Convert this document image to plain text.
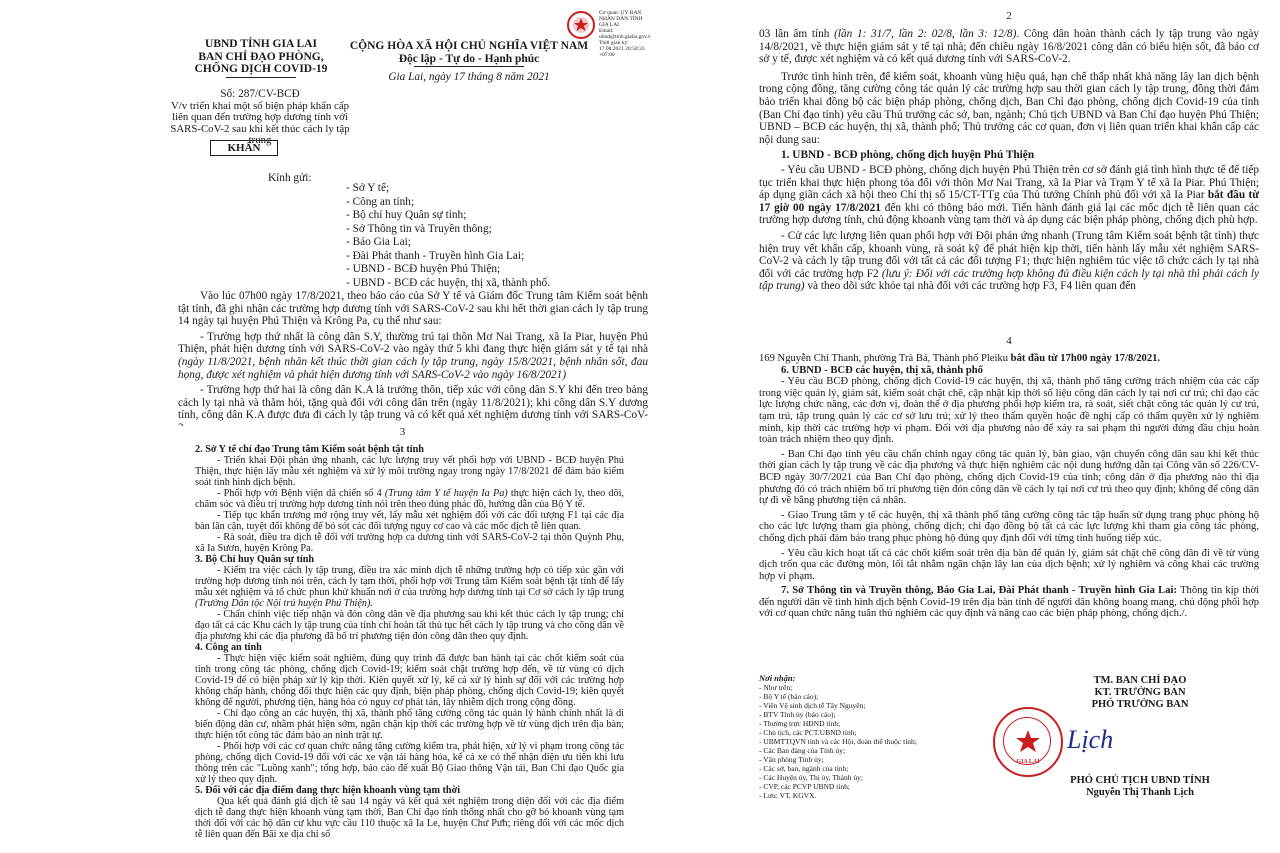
UBND TỈNH GIA LAI
BAN CHỈ ĐẠO PHÒNG,
CHỐNG DỊCH COVID-19
Số: 287/CV-BCĐ
V/v triển khai một số biện pháp khẩn cấp liên quan đến trường hợp dương tính với SARS-CoV-2 sau khi kết thúc cách ly tập trung
KHẨN
CỘNG HÒA XÃ HỘI CHỦ NGHĨA VIỆT NAM
Độc lập - Tự do - Hạnh phúc
Gia Lai, ngày 17 tháng 8 năm 2021
Cơ quan: UY BAN
NHÂN DÂN TỈNH
GIA LAI
Email:
ubnd@tinh.gialai.gov.v
Thời gian ký:
17.08.2021 20:50:33
+07:00
Kính gửi:
- Sở Y tế;
- Công an tỉnh;
- Bộ chỉ huy Quân sự tỉnh;
- Sở Thông tin và Truyền thông;
- Báo Gia Lai;
- Đài Phát thanh - Truyền hình Gia Lai;
- UBND - BCĐ huyện Phú Thiện;
- UBND - BCĐ các huyện, thị xã, thành phố.

Vào lúc 07h00 ngày 17/8/2021, theo báo cáo của Sở Y tế và Giám đốc Trung tâm Kiểm soát bệnh tật tỉnh, đã ghi nhận các trường hợp dương tính với SARS-CoV-2 sau khi hết thời gian cách ly tập trung 14 ngày tại huyện Phú Thiện và Krông Pa, cụ thể như sau:

- Trường hợp thứ nhất là công dân S.Y, thường trú tại thôn Mơ Nai Trang, xã Ia Piar, huyện Phú Thiện, phát hiện dương tính với SARS-CoV-2 vào ngày thứ 5 khi đang thực hiện giám sát y tế tại nhà (ngày 11/8/2021, bệnh nhân kết thúc thời gian cách ly tập trung, ngày 15/8/2021, bệnh nhân sốt, đau họng, được xét nghiệm và phát hiện dương tính với SARS-CoV-2 vào ngày 16/8/2021)

- Trường hợp thứ hai là công dân K.A là trưởng thôn, tiếp xúc với công dân S.Y khi đến treo bảng cách ly tại nhà và thăm hỏi, tặng quà đối với công dân trên (ngày 11/8/2021); khi công dân S.Y dương tính, công dân K.A được đưa đi cách ly tập trung và có kết quả xét nghiệm dương tính với SARS-CoV-

2

03 lần âm tính (lần 1: 31/7, lần 2: 02/8, lần 3: 12/8). Công dân hoàn thành cách ly tập trung vào ngày 14/8/2021, về thực hiện giám sát y tế tại nhà; đến chiều ngày 16/8/2021 công dân có biểu hiện sốt, đã báo cơ sở y tế, được xét nghiệm và có kết quả dương tính với SARS-CoV-2.

Trước tình hình trên, để kiểm soát, khoanh vùng hiệu quả, hạn chế thấp nhất khả năng lây lan dịch bệnh trong cộng đồng, tăng cường công tác quản lý các trường hợp sau thời gian cách ly tập trung, đồng thời đảm bảo triển khai đồng bộ các biện pháp phòng, chống dịch, Ban Chỉ đạo phòng, chống dịch Covid-19 của tỉnh (Ban Chỉ đạo tỉnh) yêu cầu Thủ trưởng các sở, ban, ngành; Chủ tịch UBND và Ban Chỉ đạo huyện Phú Thiện; UBND – BCĐ các huyện, thị xã, thành phố; Thủ trưởng các cơ quan, đơn vị liên quan triển khai khẩn cấp các nội dung sau:

1. UBND - BCĐ phòng, chống dịch huyện Phú Thiện

- Yêu cầu UBND - BCĐ phòng, chống dịch huyện Phú Thiện trên cơ sở đánh giá tình hình thực tế để tiếp tục triển khai thực hiện phong tỏa đối với thôn Mơ Nai Trang, xã Ia Piar và Trạm Y tế xã Ia Piar. Phú Thiện; áp dụng giãn cách xã hội theo Chỉ thị số 15/CT-TTg của Thủ tướng Chính phủ đối với xã Ia Piar bắt đầu từ 17 giờ 00 ngày 17/8/2021 đến khi có thông báo mới. Tiến hành đánh giá lại các mốc dịch tễ liên quan các trường hợp dương tính, chủ động khoanh vùng tạm thời và áp dụng các biện pháp phòng, chống dịch phù hợp.

- Cử các lực lượng liên quan phối hợp với Đội phản ứng nhanh (Trung tâm Kiểm soát bệnh tật tỉnh) thực hiện truy vết khẩn cấp, khoanh vùng, rà soát kỹ để phát hiện kịp thời, tiến hành lấy mẫu xét nghiệm SARS-CoV-2 và cách ly tập trung đối với tất cả các đối tượng F1; thực hiện nghiêm túc việc tổ chức cách ly tại nhà đối với các trường hợp F2 (lưu ý: Đối với các trường hợp không đủ điều kiện cách ly tại nhà thì phải cách ly tập trung) và theo dõi sức khỏe tại nhà đối với các trường hợp F3, F4 liên quan đến

3

2. Sở Y tế chỉ đạo Trung tâm Kiểm soát bệnh tật tỉnh

- Triển khai Đội phản ứng nhanh, các lực lượng truy vết phối hợp với UBND - BCĐ huyện Phú Thiện, thực hiện lấy mẫu xét nghiệm và xử lý môi trường ngay trong ngày 17/8/2021 để đảm bảo kiểm soát tình hình dịch bệnh.

- Phối hợp với Bệnh viện dã chiến số 4 (Trung tâm Y tế huyện Ia Pa) thực hiện cách ly, theo dõi, chăm sóc và điều trị trường hợp dương tính nói trên theo đúng phác đồ, hướng dẫn của Bộ Y tế.

- Tiếp tục khẩn trương mở rộng truy vết, lấy mẫu xét nghiệm đối với các đối tượng F1 tại các địa bàn lân cận, tuyệt đối không để bỏ sót các đối tượng nguy cơ cao và các mốc dịch tễ liên quan.

- Rà soát, điều tra dịch tễ đối với trường hợp ca dương tính với SARS-CoV-2 tại thôn Quỳnh Phụ, xã Ia Sươn, huyện Krông Pa.

3. Bộ Chỉ huy Quân sự tỉnh

- Kiểm tra việc cách ly tập trung, điều tra xác minh dịch tễ những trường hợp có tiếp xúc gần với trường hợp dương tính nói trên, cách ly tạm thời, phối hợp với Trung tâm Kiểm soát bệnh tật tỉnh để lấy mẫu xét nghiệm và tổ chức phun khử khuẩn nơi ở của trường hợp dương tính tại Cơ sở cách ly tập trung (Trường Dân tộc Nội trú huyện Phú Thiện).

- Chấn chỉnh việc tiếp nhận và đón công dân về địa phương sau khi kết thúc cách ly tập trung; chỉ đạo tất cả các Khu cách ly tập trung của tỉnh chỉ hoàn tất thủ tục hết cách ly tập trung và cho công dân về địa phương khi các địa phương đã bố trí phương tiện đón công dân theo quy định.

4. Công an tỉnh

- Thực hiện việc kiểm soát nghiêm, đúng quy trình đã được ban hành tại các chốt kiểm soát của tỉnh trong công tác phòng, chống dịch Covid-19; kiểm soát chặt trường hợp đến, về từ vùng có dịch Covid-19 để có biện pháp xử lý kịp thời. Kiên quyết xử lý, kể cả xử lý hình sự đối với các trường hợp không chấp hành, chống đối thực hiện các quy định, biện pháp phòng, chống dịch Covid-19; kiên quyết không để người, phương tiện, hàng hóa có nguy cơ phát tán, lây nhiễm dịch trong cộng đồng.

- Chỉ đạo công an các huyện, thị xã, thành phố tăng cường công tác quản lý hành chính nhất là di biến động dân cư, nhằm phát hiện sớm, ngăn chặn kịp thời các trường hợp về từ vùng dịch trên địa bàn; thực hiện tốt công tác đảm bảo an ninh trật tự.

- Phối hợp với các cơ quan chức năng tăng cường kiểm tra, phát hiện, xử lý vi phạm trong công tác phòng, chống dịch Covid-19 đối với các xe vận tải hàng hóa, kể cả xe có thể nhận diện ưu tiên khi lưu thông trên các "Luồng xanh"; tổng hợp, báo cáo để xuất Bộ Giao thông Vận tải, Ban Chỉ đạo Quốc gia xử lý theo quy định.

5. Đối với các địa điểm đang thực hiện khoanh vùng tạm thời

Qua kết quả đánh giá dịch tễ sau 14 ngày và kết quả xét nghiệm trong diện đối với các địa điểm dịch tễ đang thực hiện khoanh vùng tạm thời, Ban Chỉ đạo tỉnh thống nhất cho gỡ bỏ khoanh vùng tạm thời đối với các hộ dân cư khu vực cầu 110 thuộc xã Ia Le, huyện Chư Pưh; riêng đối với các mốc dịch tễ liên quan đến Bãi xe địa chỉ số

4

169 Nguyễn Chí Thanh, phường Trà Bá, Thành phố Pleiku bắt đầu từ 17h00 ngày 17/8/2021.

6. UBND - BCĐ các huyện, thị xã, thành phố

- Yêu cầu BCĐ phòng, chống dịch Covid-19 các huyện, thị xã, thành phố tăng cường trách nhiệm của các cấp trong việc quản lý, giám sát, kiểm soát chặt chẽ, cập nhật kịp thời số liệu công dân cách ly tại nơi cư trú; chỉ đạo các lực lượng chức năng, các đơn vị, đoàn thể ở địa phương phối hợp kiểm tra, rà soát, siết chặt công tác quản lý cư trú, tạm trú, tập trung quản lý các cơ sở lưu trú; xử lý theo thẩm quyền hoặc đề nghị cấp có thẩm quyền xử lý nghiêm minh, kịp thời các trường hợp vi phạm. Đối với địa phương nào để xảy ra sai phạm thì người đứng đầu chịu hoàn toàn trách nhiệm theo quy định.

- Ban Chỉ đạo tỉnh yêu cầu chấn chỉnh ngay công tác quản lý, bàn giao, vận chuyển công dân sau khi kết thúc thời gian cách ly tập trung về các địa phương và thực hiện nghiêm các nội dung hướng dẫn tại Công văn số 226/CV-BCĐ ngày 30/7/2021 của Ban Chỉ đạo phòng, chống dịch Covid-19 của tỉnh; công dân ở địa phương nào thì địa phương đó có trách nhiệm bố trí phương tiện đón công dân về cách ly tại nơi cư trú theo quy định; không để công dân tự đi về bằng phương tiện cá nhân.

- Giao Trung tâm y tế các huyện, thị xã thành phố tăng cường công tác tập huấn sử dụng trang phục phòng hộ cho các lực lượng tham gia phòng, chống dịch; chỉ đạo đồng bộ tất cả các lực lượng khi tham gia công tác phòng, chống dịch phải đảm bảo trang phục phòng hộ đúng quy định đối với từng tình huống tiếp xúc.

- Yêu cầu kích hoạt tất cả các chốt kiểm soát trên địa bàn để quản lý, giám sát chặt chẽ công dân đi về từ vùng dịch trốn qua các đường mòn, lối tắt nhằm ngăn chặn lây lan của dịch bệnh; xử lý nghiêm và công khai các trường hợp vi phạm.

7. Sở Thông tin và Truyền thông, Báo Gia Lai, Đài Phát thanh - Truyền hình Gia Lai: Thông tin kịp thời đến người dân về tình hình dịch bệnh Covid-19 trên địa bàn tỉnh để người dân không hoang mang, chủ động phối hợp với cơ quan chức năng tuân thủ nghiêm các quy định và nâng cao các biện pháp phòng, chống dịch./.

Nơi nhận:
- Như trên;
- Bộ Y tế (báo cáo);
- Viện Vệ sinh dịch tễ Tây Nguyên;
- BTV Tỉnh ủy (báo cáo);
- Thường trực HĐND tỉnh;
- Chủ tịch, các PCT.UBND tỉnh;
- UBMTTQVN tỉnh và các Hội, đoàn thể thuộc tỉnh;
- Các Ban đảng của Tỉnh ủy;
- Văn phòng Tỉnh ủy;
- Các sở, ban, ngành của tỉnh;
- Các Huyện ủy, Thị ủy, Thành ủy;
- CVP, các PCVP UBND tỉnh;
- Lưu: VT, KGVX.
TM. BAN CHỈ ĐẠO
KT. TRƯỞNG BAN
PHÓ TRƯỞNG BAN
GIA LAI
Lịch
PHÓ CHỦ TỊCH UBND TỈNH
Nguyễn Thị Thanh Lịch
